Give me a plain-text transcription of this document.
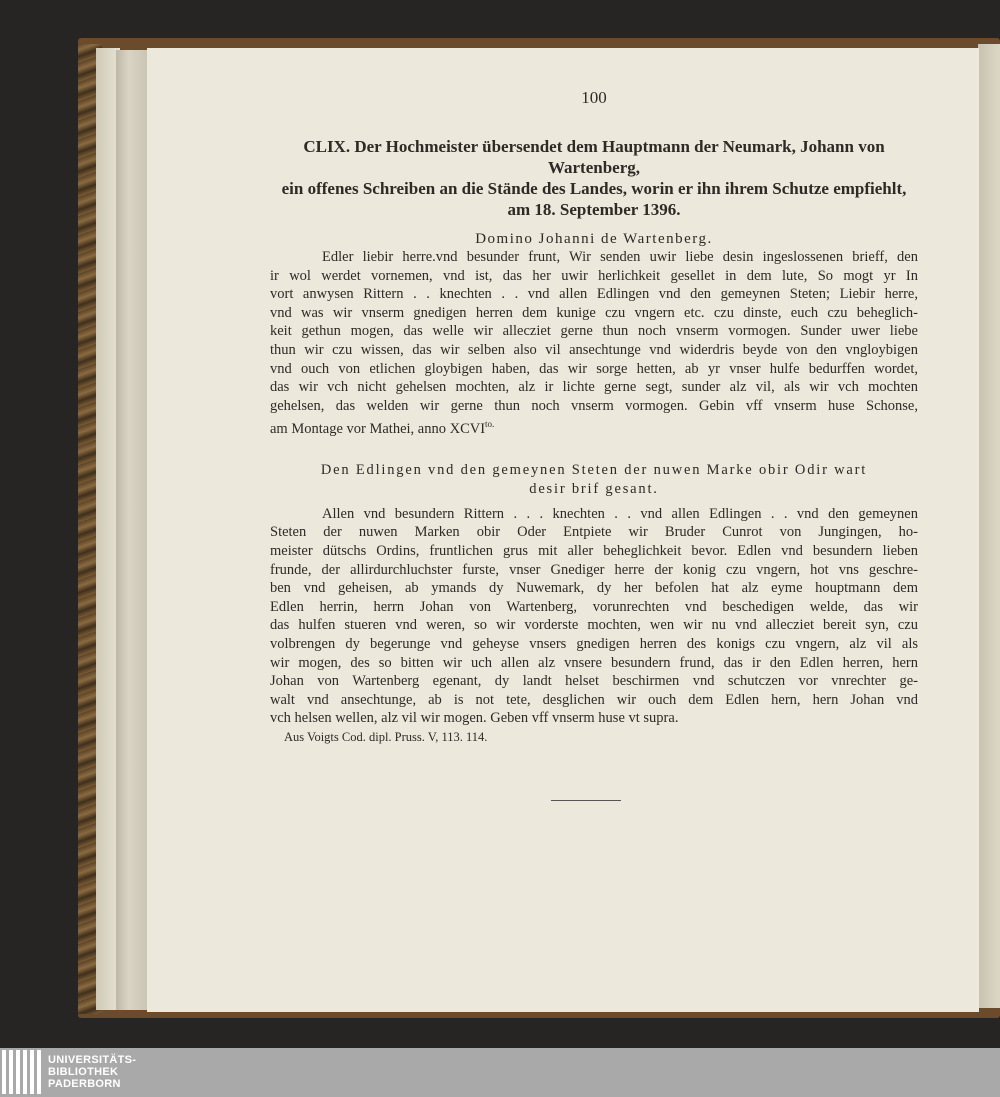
100
CLIX. Der Hochmeister übersendet dem Hauptmann der Neumark, Johann von Wartenberg,
ein offenes Schreiben an die Stände des Landes, worin er ihn ihrem Schutze empfiehlt,
am 18. September 1396.
Domino Johanni de Wartenberg.
Edler liebir herre.vnd besunder frunt, Wir senden uwir liebe desin ingeslossenen brieff, den
ir wol werdet vornemen, vnd ist, das her uwir herlichkeit gesellet in dem lute, So mogt yr In
vort anwysen Rittern . . knechten . . vnd allen Edlingen vnd den gemeynen Steten; Liebir herre,
vnd was wir vnserm gnedigen herren dem kunige czu vngern etc. czu dinste, euch czu beheglich-
keit gethun mogen, das welle wir allecziet gerne thun noch vnserm vormogen. Sunder uwer liebe
thun wir czu wissen, das wir selben also vil ansechtunge vnd widerdris beyde von den vngloybigen
vnd ouch von etlichen gloybigen haben, das wir sorge hetten, ab yr vnser hulfe bedurffen wordet,
das wir vch nicht gehelsen mochten, alz ir lichte gerne segt, sunder alz vil, als wir vch mochten
gehelsen, das welden wir gerne thun noch vnserm vormogen. Gebin vff vnserm huse Schonse,
am Montage vor Mathei, anno $XCVI^{to.}$
Den Edlingen vnd den gemeynen Steten der nuwen Marke obir Odir wart
desir brif gesant.
Allen vnd besundern Rittern . . . knechten . . vnd allen Edlingen . . vnd den gemeynen
Steten der nuwen Marken obir Oder Entpiete wir Bruder Cunrot von Jungingen, ho-
meister dütschs Ordins, fruntlichen grus mit aller beheglichkeit bevor. Edlen vnd besundern lieben
frunde, der allirdurchluchster furste, vnser Gnediger herre der konig czu vngern, hot vns geschre-
ben vnd geheisen, ab ymands dy Nuwemark, dy her befolen hat alz eyme houptmann dem
Edlen herrin, herrn Johan von Wartenberg, vorunrechten vnd beschedigen welde, das wir
das hulfen stueren vnd weren, so wir vorderste mochten, wen wir nu vnd allecziet bereit syn, czu
volbrengen dy begerunge vnd geheyse vnsers gnedigen herren des konigs czu vngern, alz vil als
wir mogen, des so bitten wir uch allen alz vnsere besundern frund, das ir den Edlen herren, hern
Johan von Wartenberg egenant, dy landt helset beschirmen vnd schutczen vor vnrechter ge-
walt vnd ansechtunge, ab is not tete, desglichen wir ouch dem Edlen hern, hern Johan vnd
vch helsen wellen, alz vil wir mogen. Geben vff vnserm huse vt supra.
Aus Voigts Cod. dipl. Pruss. V, 113. 114.
UNIVERSITÄTS-
BIBLIOTHEK
PADERBORN
